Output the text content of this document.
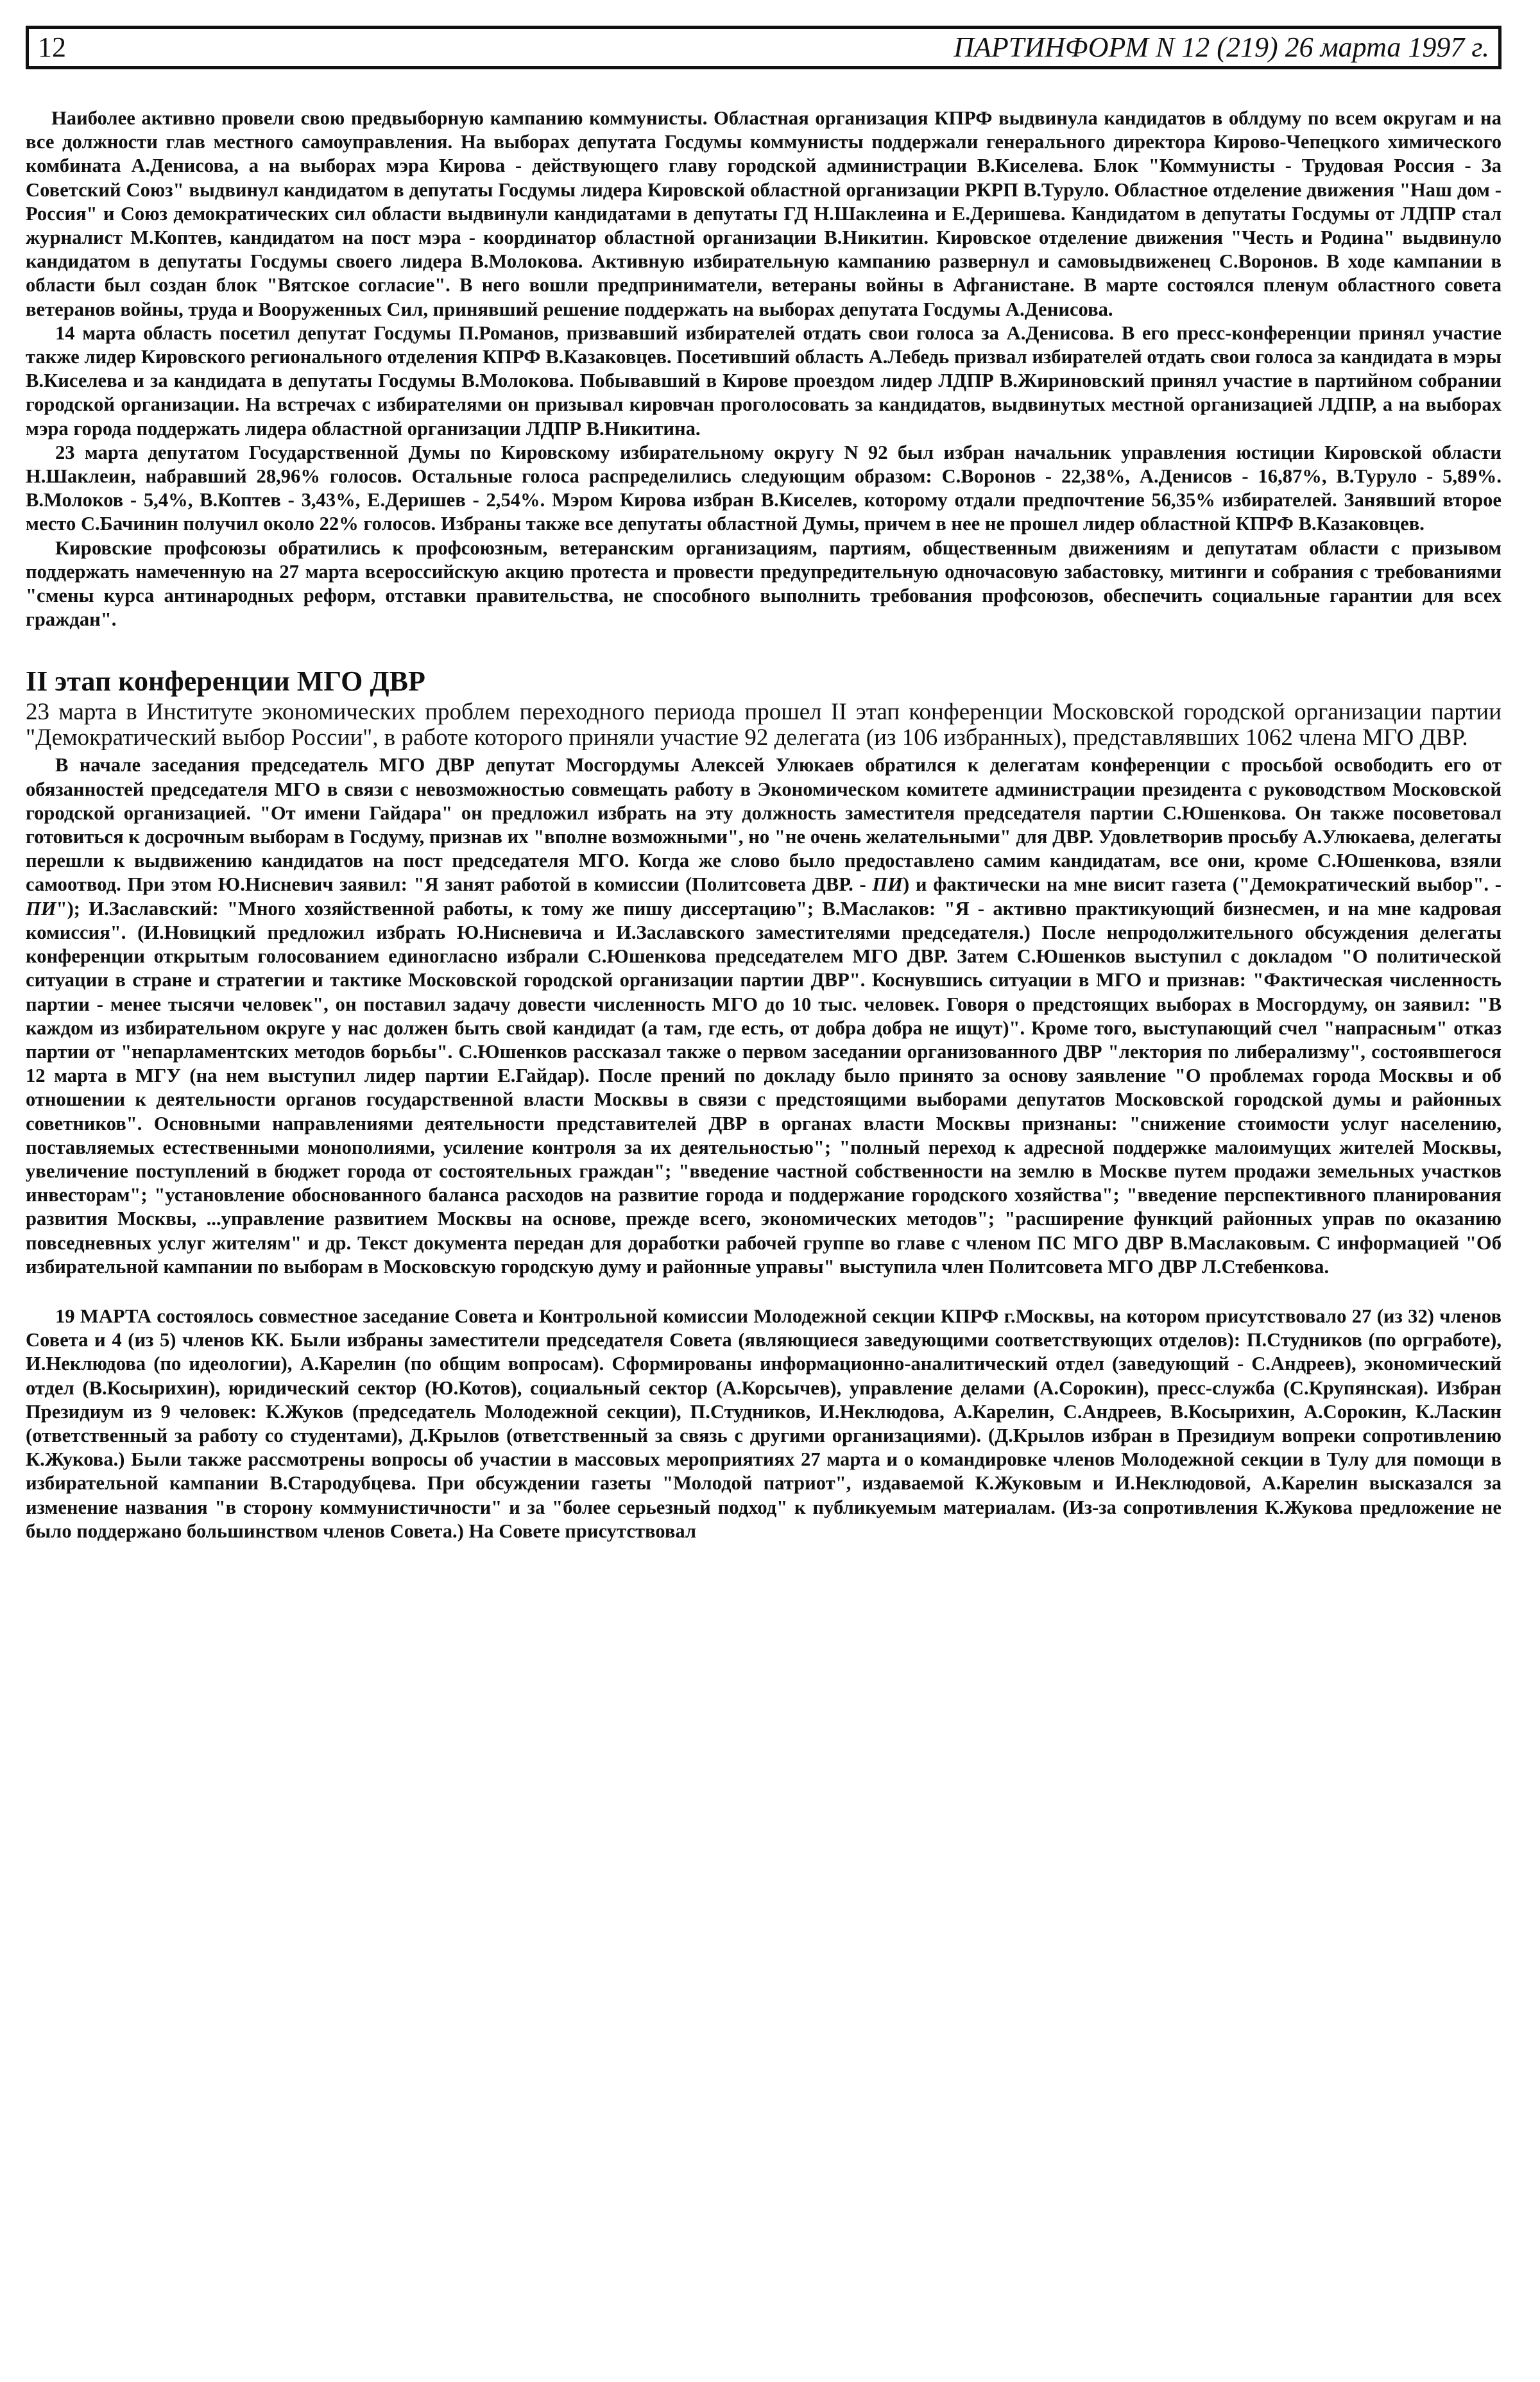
12	ПАРТИНФОРМ N 12 (219) 26 марта 1997 г.

Наиболее активно провели свою предвыборную кампанию коммунисты. Областная организация КПРФ выдвинула кандидатов в облдуму по всем округам и на все должности глав местного самоуправления. На выборах депутата Госдумы коммунисты поддержали генерального директора Кирово-Чепецкого химического комбината А.Денисова, а на выборах мэра Кирова - действующего главу городской администрации В.Киселева. Блок "Коммунисты - Трудовая Россия - За Советский Союз" выдвинул кандидатом в депутаты Госдумы лидера Кировской областной организации РКРП В.Туруло. Областное отделение движения "Наш дом - Россия" и Союз демократических сил области выдвинули кандидатами в депутаты ГД Н.Шаклеина и Е.Деришева. Кандидатом в депутаты Госдумы от ЛДПР стал журналист М.Коптев, кандидатом на пост мэра - координатор областной организации В.Никитин. Кировское отделение движения "Честь и Родина" выдвинуло кандидатом в депутаты Госдумы своего лидера В.Молокова. Активную избирательную кампанию развернул и самовыдвиженец С.Воронов. В ходе кампании в области был создан блок "Вятское согласие". В него вошли предприниматели, ветераны войны в Афганистане. В марте состоялся пленум областного совета ветеранов войны, труда и Вооруженных Сил, принявший решение поддержать на выборах депутата Госдумы А.Денисова.

14 марта область посетил депутат Госдумы П.Романов, призвавший избирателей отдать свои голоса за А.Денисова. В его пресс-конференции принял участие также лидер Кировского регионального отделения КПРФ В.Казаковцев. Посетивший область А.Лебедь призвал избирателей отдать свои голоса за кандидата в мэры В.Киселева и за кандидата в депутаты Госдумы В.Молокова. Побывавший в Кирове проездом лидер ЛДПР В.Жириновский принял участие в партийном собрании городской организации. На встречах с избирателями он призывал кировчан проголосовать за кандидатов, выдвинутых местной организацией ЛДПР, а на выборах мэра города поддержать лидера областной организации ЛДПР В.Никитина.

23 марта депутатом Государственной Думы по Кировскому избирательному округу N 92 был избран начальник управления юстиции Кировской области Н.Шаклеин, набравший 28,96% голосов. Остальные голоса распределились следующим образом: С.Воронов - 22,38%, А.Денисов - 16,87%, В.Туруло - 5,89%. В.Молоков - 5,4%, В.Коптев - 3,43%, Е.Деришев - 2,54%. Мэром Кирова избран В.Киселев, которому отдали предпочтение 56,35% избирателей. Занявший второе место С.Бачинин получил около 22% голосов. Избраны также все депутаты областной Думы, причем в нее не прошел лидер областной КПРФ В.Казаковцев.

Кировские профсоюзы обратились к профсоюзным, ветеранским организациям, партиям, общественным движениям и депутатам области с призывом поддержать намеченную на 27 марта всероссийскую акцию протеста и провести предупредительную одночасовую забастовку, митинги и собрания с требованиями "смены курса антинародных реформ, отставки правительства, не способного выполнить требования профсоюзов, обеспечить социальные гарантии для всех граждан".

II этап конференции МГО ДВР

23 марта в Институте экономических проблем переходного периода прошел II этап конференции Московской городской организации партии "Демократический выбор России", в работе которого приняли участие 92 делегата (из 106 избранных), представлявших 1062 члена МГО ДВР.

В начале заседания председатель МГО ДВР депутат Мосгордумы Алексей Улюкаев обратился к делегатам конференции с просьбой освободить его от обязанностей председателя МГО в связи с невозможностью совмещать работу в Экономическом комитете администрации президента с руководством Московской городской организацией. "От имени Гайдара" он предложил избрать на эту должность заместителя председателя партии С.Юшенкова. Он также посоветовал готовиться к досрочным выборам в Госдуму, признав их "вполне возможными", но "не очень желательными" для ДВР. Удовлетворив просьбу А.Улюкаева, делегаты перешли к выдвижению кандидатов на пост председателя МГО. Когда же слово было предоставлено самим кандидатам, все они, кроме С.Юшенкова, взяли самоотвод. При этом Ю.Нисневич заявил: "Я занят работой в комиссии (Политсовета ДВР. - ПИ) и фактически на мне висит газета ("Демократический выбор". - ПИ"); И.Заславский: "Много хозяйственной работы, к тому же пишу диссертацию"; В.Маслаков: "Я - активно практикующий бизнесмен, и на мне кадровая комиссия". (И.Новицкий предложил избрать Ю.Нисневича и И.Заславского заместителями председателя.) После непродолжительного обсуждения делегаты конференции открытым голосованием единогласно избрали С.Юшенкова председателем МГО ДВР. Затем С.Юшенков выступил с докладом "О политической ситуации в стране и стратегии и тактике Московской городской организации партии ДВР". Коснувшись ситуации в МГО и признав: "Фактическая численность партии - менее тысячи человек", он поставил задачу довести численность МГО до 10 тыс. человек. Говоря о предстоящих выборах в Мосгордуму, он заявил: "В каждом из избирательном округе у нас должен быть свой кандидат (а там, где есть, от добра добра не ищут)". Кроме того, выступающий счел "напрасным" отказ партии от "непарламентских методов борьбы". С.Юшенков рассказал также о первом заседании организованного ДВР "лектория по либерализму", состоявшегося 12 марта в МГУ (на нем выступил лидер партии Е.Гайдар). После прений по докладу было принято за основу заявление "О проблемах города Москвы и об отношении к деятельности органов государственной власти Москвы в связи с предстоящими выборами депутатов Московской городской думы и районных советников". Основными направлениями деятельности представителей ДВР в органах власти Москвы признаны: "снижение стоимости услуг населению, поставляемых естественными монополиями, усиление контроля за их деятельностью"; "полный переход к адресной поддержке малоимущих жителей Москвы, увеличение поступлений в бюджет города от состоятельных граждан"; "введение частной собственности на землю в Москве путем продажи земельных участков инвесторам"; "установление обоснованного баланса расходов на развитие города и поддержание городского хозяйства"; "введение перспективного планирования развития Москвы, ...управление развитием Москвы на основе, прежде всего, экономических методов"; "расширение функций районных управ по оказанию повседневных услуг жителям" и др. Текст документа передан для доработки рабочей группе во главе с членом ПС МГО ДВР В.Маслаковым. С информацией "Об избирательной кампании по выборам в Московскую городскую думу и районные управы" выступила член Политсовета МГО ДВР Л.Стебенкова.

19 МАРТА состоялось совместное заседание Совета и Контрольной комиссии Молодежной секции КПРФ г.Москвы, на котором присутствовало 27 (из 32) членов Совета и 4 (из 5) членов КК. Были избраны заместители председателя Совета (являющиеся заведующими соответствующих отделов): П.Студников (по оргработе), И.Неклюдова (по идеологии), А.Карелин (по общим вопросам). Сформированы информационно-аналитический отдел (заведующий - С.Андреев), экономический отдел (В.Косырихин), юридический сектор (Ю.Котов), социальный сектор (А.Корсычев), управление делами (А.Сорокин), пресс-служба (С.Крупянская). Избран Президиум из 9 человек: К.Жуков (председатель Молодежной секции), П.Студников, И.Неклюдова, А.Карелин, С.Андреев, В.Косырихин, А.Сорокин, К.Ласкин (ответственный за работу со студентами), Д.Крылов (ответственный за связь с другими организациями). (Д.Крылов избран в Президиум вопреки сопротивлению К.Жукова.) Были также рассмотрены вопросы об участии в массовых мероприятиях 27 марта и о командировке членов Молодежной секции в Тулу для помощи в избирательной кампании В.Стародубцева. При обсуждении газеты "Молодой патриот", издаваемой К.Жуковым и И.Неклюдовой, А.Карелин высказался за изменение названия "в сторону коммунистичности" и за "более серьезный подход" к публикуемым материалам. (Из-за сопротивления К.Жукова предложение не было поддержано большинством членов Совета.) На Совете присутствовал
